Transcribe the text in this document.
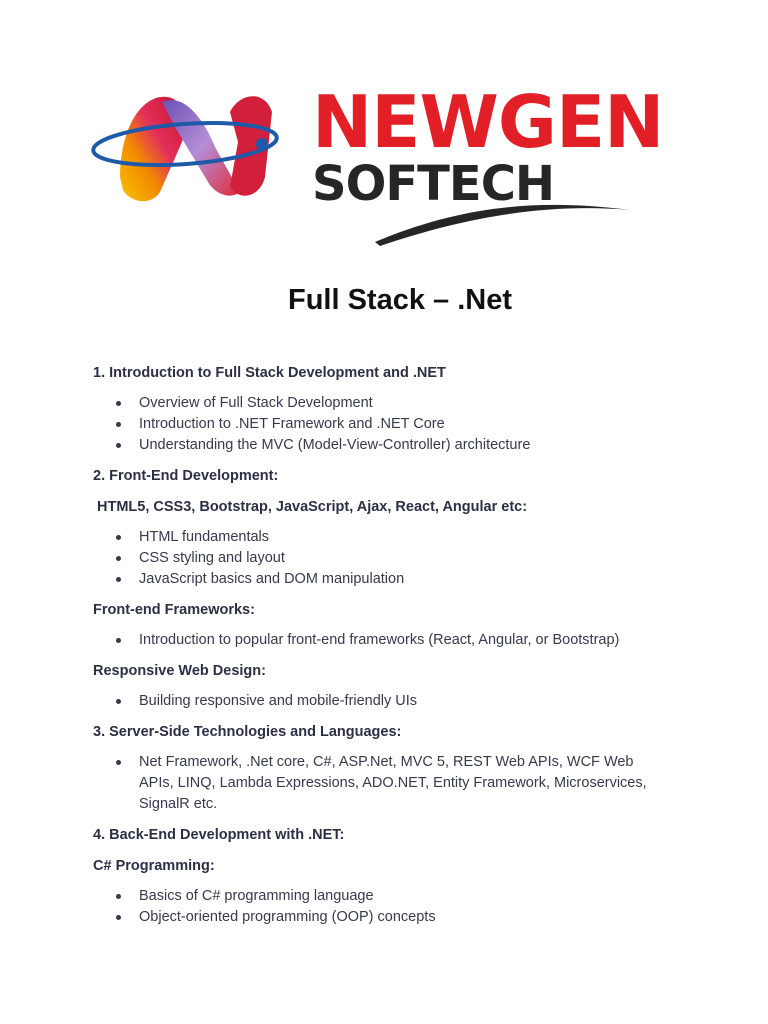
NEWGEN
SOFTECH
Full Stack – .Net

1. Introduction to Full Stack Development and .NET

Overview of Full Stack Development
Introduction to .NET Framework and .NET Core
Understanding the MVC (Model-View-Controller) architecture

2. Front-End Development:

HTML5, CSS3, Bootstrap, JavaScript, Ajax, React, Angular etc:

HTML fundamentals
CSS styling and layout
JavaScript basics and DOM manipulation

Front-end Frameworks:

Introduction to popular front-end frameworks (React, Angular, or Bootstrap)

Responsive Web Design:

Building responsive and mobile-friendly UIs

3. Server-Side Technologies and Languages:

Net Framework, .Net core, C#, ASP.Net, MVC 5, REST Web APIs, WCF Web APIs, LINQ, Lambda Expressions, ADO.NET, Entity Framework, Microservices, SignalR etc.

4. Back-End Development with .NET:

C# Programming:

Basics of C# programming language
Object-oriented programming (OOP) concepts
